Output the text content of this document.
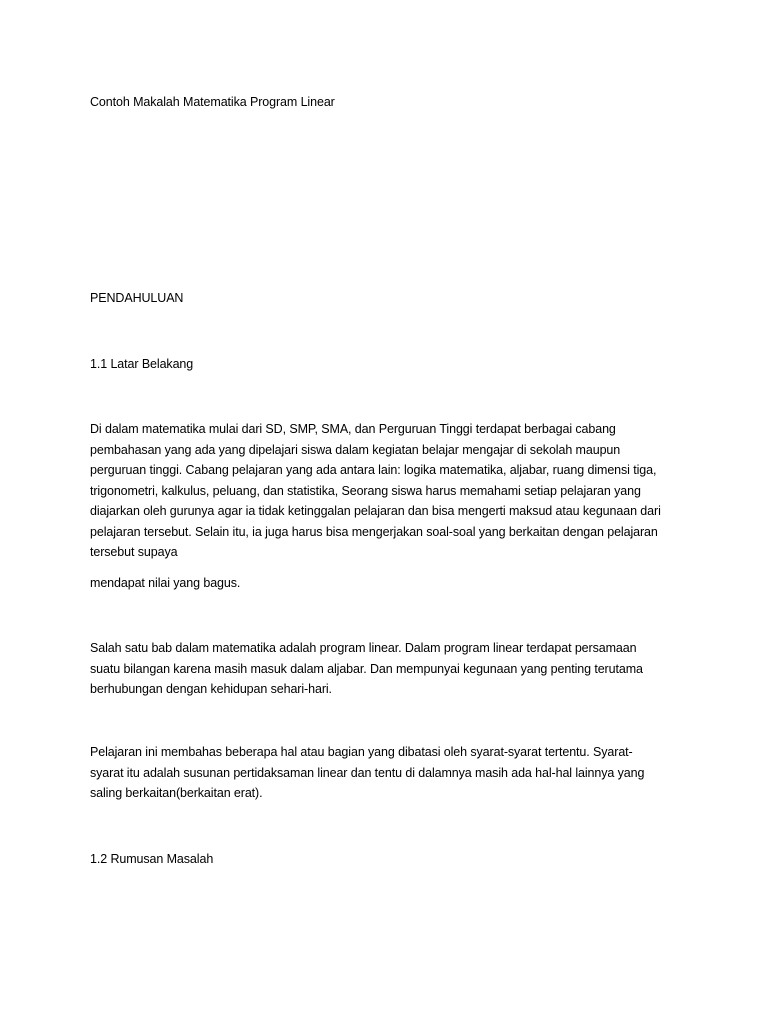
Contoh Makalah Matematika Program Linear
PENDAHULUAN
1.1 Latar Belakang
Di dalam matematika mulai dari SD, SMP, SMA, dan Perguruan Tinggi terdapat berbagai cabang
pembahasan yang ada yang dipelajari siswa dalam kegiatan belajar mengajar di sekolah maupun
perguruan tinggi. Cabang pelajaran yang ada antara lain: logika matematika, aljabar, ruang dimensi tiga,
trigonometri, kalkulus, peluang, dan statistika, Seorang siswa harus memahami setiap pelajaran yang
diajarkan oleh gurunya agar ia tidak ketinggalan pelajaran dan bisa mengerti maksud atau kegunaan dari
pelajaran tersebut. Selain itu, ia juga harus bisa mengerjakan soal-soal yang berkaitan dengan pelajaran
tersebut supaya
mendapat nilai yang bagus.
Salah satu bab dalam matematika adalah program linear. Dalam program linear terdapat persamaan
suatu bilangan karena masih masuk dalam aljabar. Dan mempunyai kegunaan yang penting terutama
berhubungan dengan kehidupan sehari-hari.
Pelajaran ini membahas beberapa hal atau bagian yang dibatasi oleh syarat-syarat tertentu. Syarat-
syarat itu adalah susunan pertidaksaman linear dan tentu di dalamnya masih ada hal-hal lainnya yang
saling berkaitan(berkaitan erat).
1.2 Rumusan Masalah
